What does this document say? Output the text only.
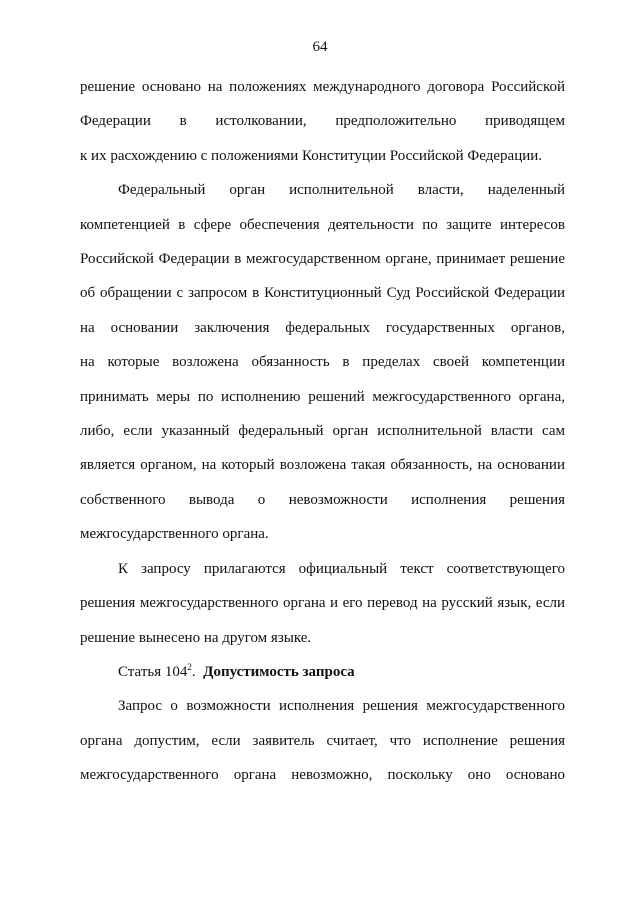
64

решение основано на положениях международного договора Российской
Федерации в истолковании, предположительно приводящем
к их расхождению с положениями Конституции Российской Федерации.

Федеральный орган исполнительной власти, наделенный
компетенцией в сфере обеспечения деятельности по защите интересов
Российской Федерации в межгосударственном органе, принимает решение
об обращении с запросом в Конституционный Суд Российской Федерации
на основании заключения федеральных государственных органов,
на которые возложена обязанность в пределах своей компетенции
принимать меры по исполнению решений межгосударственного органа,
либо, если указанный федеральный орган исполнительной власти сам
является органом, на который возложена такая обязанность, на основании
собственного вывода о невозможности исполнения решения
межгосударственного органа.

К запросу прилагаются официальный текст соответствующего
решения межгосударственного органа и его перевод на русский язык, если
решение вынесено на другом языке.

Статья $104^2$. Допустимость запроса

Запрос о возможности исполнения решения межгосударственного
органа допустим, если заявитель считает, что исполнение решения
межгосударственного органа невозможно, поскольку оно основано
